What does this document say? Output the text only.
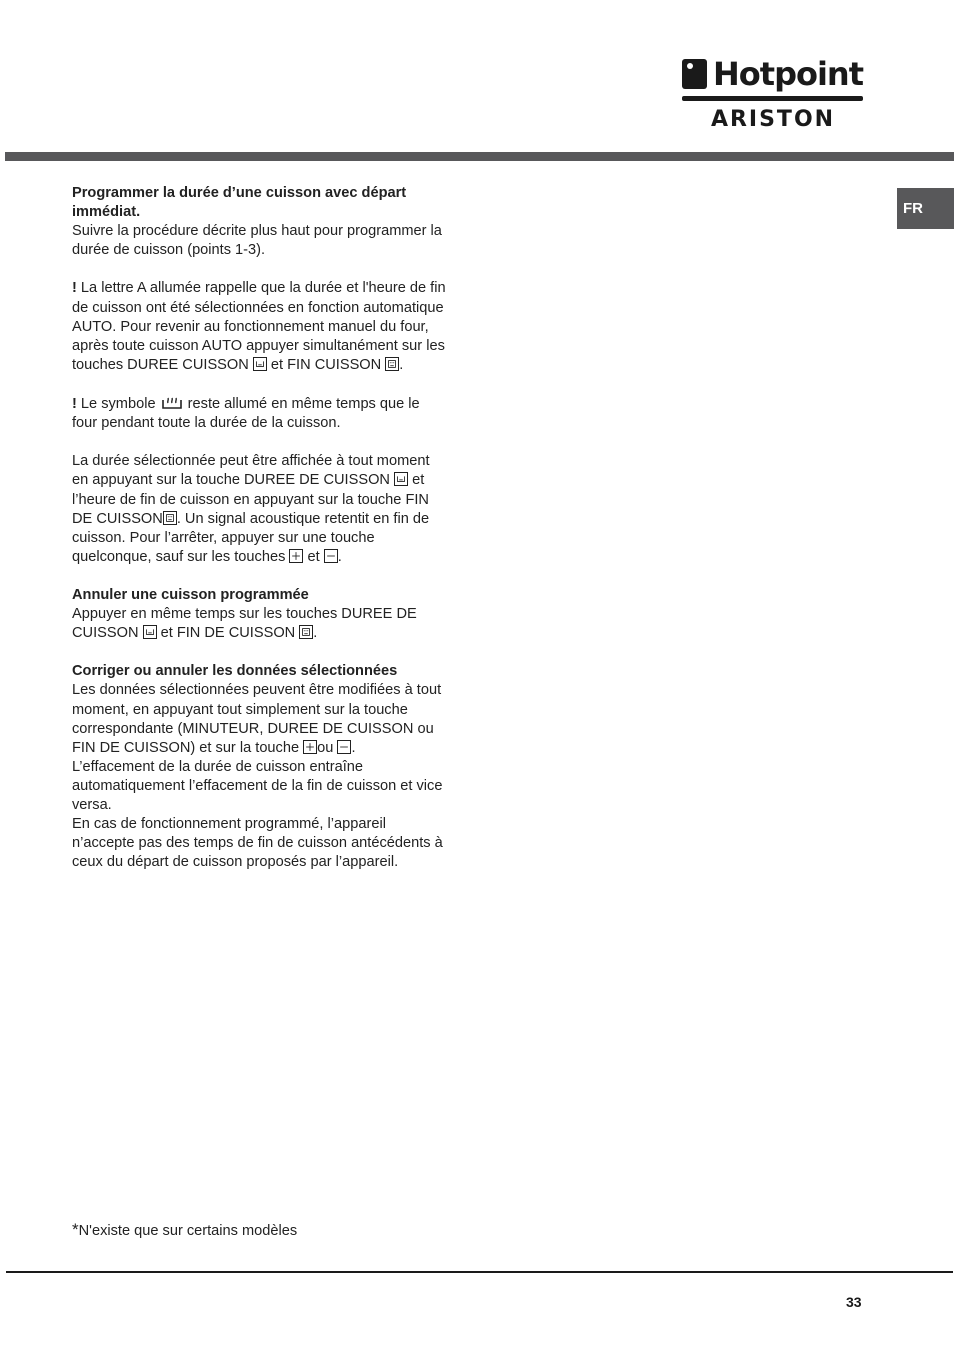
Hotpoint
ARISTON
FR

Programmer la durée d’une cuisson avec départ immédiat.
Suivre la procédure décrite plus haut pour programmer la durée de cuisson (points 1-3).

! La lettre A allumée rappelle que la durée et l'heure de fin de cuisson ont été sélectionnées en fonction automatique AUTO. Pour revenir au fonctionnement manuel du four, après toute cuisson AUTO appuyer simultanément sur les touches DUREE CUISSON
et FIN CUISSON
.

! Le symbole  reste allumé en même temps que le four pendant toute la durée de la cuisson.

La durée sélectionnée peut être affichée à tout moment en appuyant sur la touche DUREE DE CUISSON
et l’heure de fin de cuisson en appuyant sur la touche FIN DE CUISSON . Un signal acoustique retentit en fin de cuisson. Pour l’arrêter, appuyer sur une touche quelconque, sauf sur les touches
et
.

Annuler une cuisson programmée
Appuyer en même temps sur les touches DUREE DE CUISSON
et FIN DE CUISSON
.

Corriger ou annuler les données sélectionnées
Les données sélectionnées peuvent être modifiées à tout moment, en appuyant tout simplement sur la touche correspondante (MINUTEUR, DUREE DE CUISSON ou FIN DE CUISSON) et sur la touche
ou
.
L’effacement de la durée de cuisson entraîne automatiquement l’effacement de la fin de cuisson et vice versa.
En cas de fonctionnement programmé, l’appareil n’accepte pas des temps de fin de cuisson antécédents à ceux du départ de cuisson proposés par l’appareil.

*N'existe que sur certains modèles
33
